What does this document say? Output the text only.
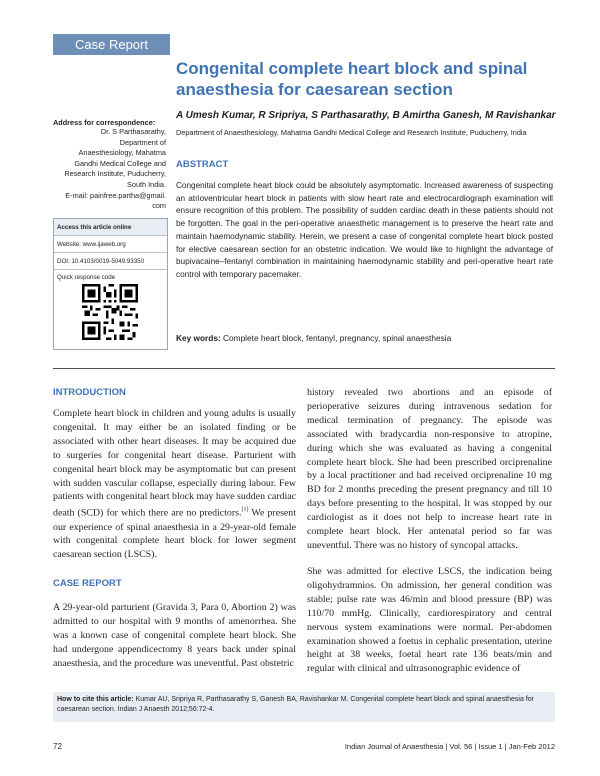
Case Report
Congenital complete heart block and spinal anaesthesia for caesarean section
A Umesh Kumar, R Sripriya, S Parthasarathy, B Amirtha Ganesh, M Ravishankar
Department of Anaesthesiology, Mahatma Gandhi Medical College and Research Institute, Puducherry, India
Address for correspondence:
Dr. S Parthasarathy,
Department of
Anaesthesiology, Mahatma
Gandhi Medical College and
Research Institute, Puducherry,
South India.
E-mail: painfree.partha@gmail.
com
Access this article online
Website: www.ijaweb.org
DOI: 10.4103/0019-5049.93350
Quick response code
ABSTRACT
Congenital complete heart block could be absolutely asymptomatic. Increased awareness of suspecting an atrioventricular heart block in patients with slow heart rate and electrocardiograph examination will ensure recognition of this problem. The possibility of sudden cardiac death in these patients should not be forgotten. The goal in the peri-operative anaesthetic management is to preserve the heart rate and maintain haemodynamic stability. Herein, we present a case of congenital complete heart block posted for elective caesarean section for an obstetric indication. We would like to highlight the advantage of bupivacaine–fentanyl combination in maintaining haemodynamic stability and peri-operative heart rate control with temporary pacemaker.
Key words: Complete heart block, fentanyl, pregnancy, spinal anaesthesia
INTRODUCTION
Complete heart block in children and young adults is usually congenital. It may either be an isolated finding or be associated with other heart diseases. It may be acquired due to surgeries for congenital heart disease. Parturient with congenital heart block may be asymptomatic but can present with sudden vascular collapse, especially during labour. Few patients with congenital heart block may have sudden cardiac death (SCD) for which there are no predictors.[1] We present our experience of spinal anaesthesia in a 29-year-old female with congenital complete heart block for lower segment caesarean section (LSCS).
CASE REPORT
A 29-year-old parturient (Gravida 3, Para 0, Abortion 2) was admitted to our hospital with 9 months of amenorrhea. She was a known case of congenital complete heart block. She had undergone appendicectomy 8 years back under spinal anaesthesia, and the procedure was uneventful. Past obstetric
history revealed two abortions and an episode of perioperative seizures during intravenous sedation for medical termination of pregnancy. The episode was associated with bradycardia non-responsive to atropine, during which she was evaluated as having a congenital complete heart block. She had been prescribed orciprenaline by a local practitioner and had received orciprenaline 10 mg BD for 2 months preceding the present pregnancy and till 10 days before presenting to the hospital. It was stopped by our cardiologist as it does not help to increase heart rate in complete heart block. Her antenatal period so far was uneventful. There was no history of syncopal attacks.
She was admitted for elective LSCS, the indication being oligohydramnios. On admission, her general condition was stable; pulse rate was 46/min and blood pressure (BP) was 110/70 mmHg. Clinically, cardiorespiratory and central nervous system examinations were normal. Per-abdomen examination showed a foetus in cephalic presentation, uterine height at 38 weeks, foetal heart rate 136 beats/min and regular with clinical and ultrasonographic evidence of
How to cite this article: Kumar AU, Sripriya R, Parthasarathy S, Ganesh BA, Ravishankar M. Congenital complete heart block and spinal anaesthesia for caesarean section. Indian J Anaesth 2012;56:72-4.
72	Indian Journal of Anaesthesia | Vol. 56 | Issue 1 | Jan-Feb 2012
